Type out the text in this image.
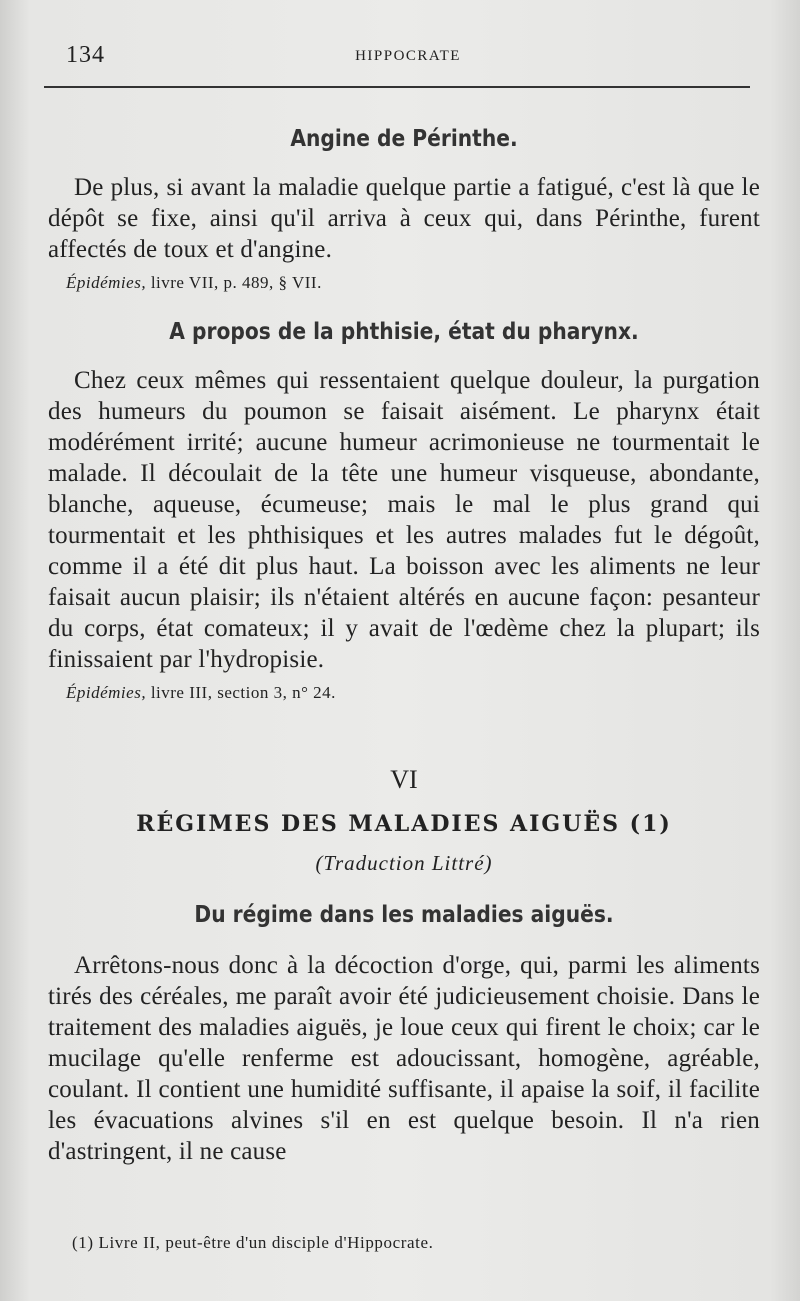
134	HIPPOCRATE
Angine de Périnthe.

De plus, si avant la maladie quelque partie a fatigué, c'est là que le dépôt se fixe, ainsi qu'il arriva à ceux qui, dans Périnthe, furent affectés de toux et d'angine.

Épidémies, livre VII, p. 489, § VII.

A propos de la phthisie, état du pharynx.

Chez ceux mêmes qui ressentaient quelque douleur, la purgation des humeurs du poumon se faisait aisément. Le pharynx était modérément irrité; aucune humeur acrimonieuse ne tourmentait le malade. Il découlait de la tête une humeur visqueuse, abondante, blanche, aqueuse, écumeuse; mais le mal le plus grand qui tourmentait et les phthisiques et les autres malades fut le dégoût, comme il a été dit plus haut. La boisson avec les aliments ne leur faisait aucun plaisir; ils n'étaient altérés en aucune façon: pesanteur du corps, état comateux; il y avait de l'œdème chez la plupart; ils finissaient par l'hydropisie.

Épidémies, livre III, section 3, n° 24.

VI
RÉGIMES DES MALADIES AIGUËS (1)
(Traduction Littré)
Du régime dans les maladies aiguës.

Arrêtons-nous donc à la décoction d'orge, qui, parmi les aliments tirés des céréales, me paraît avoir été judicieusement choisie. Dans le traitement des maladies aiguës, je loue ceux qui firent le choix; car le mucilage qu'elle renferme est adoucissant, homogène, agréable, coulant. Il contient une humidité suffisante, il apaise la soif, il facilite les évacuations alvines s'il en est quelque besoin. Il n'a rien d'astringent, il ne cause

(1) Livre II, peut-être d'un disciple d'Hippocrate.
